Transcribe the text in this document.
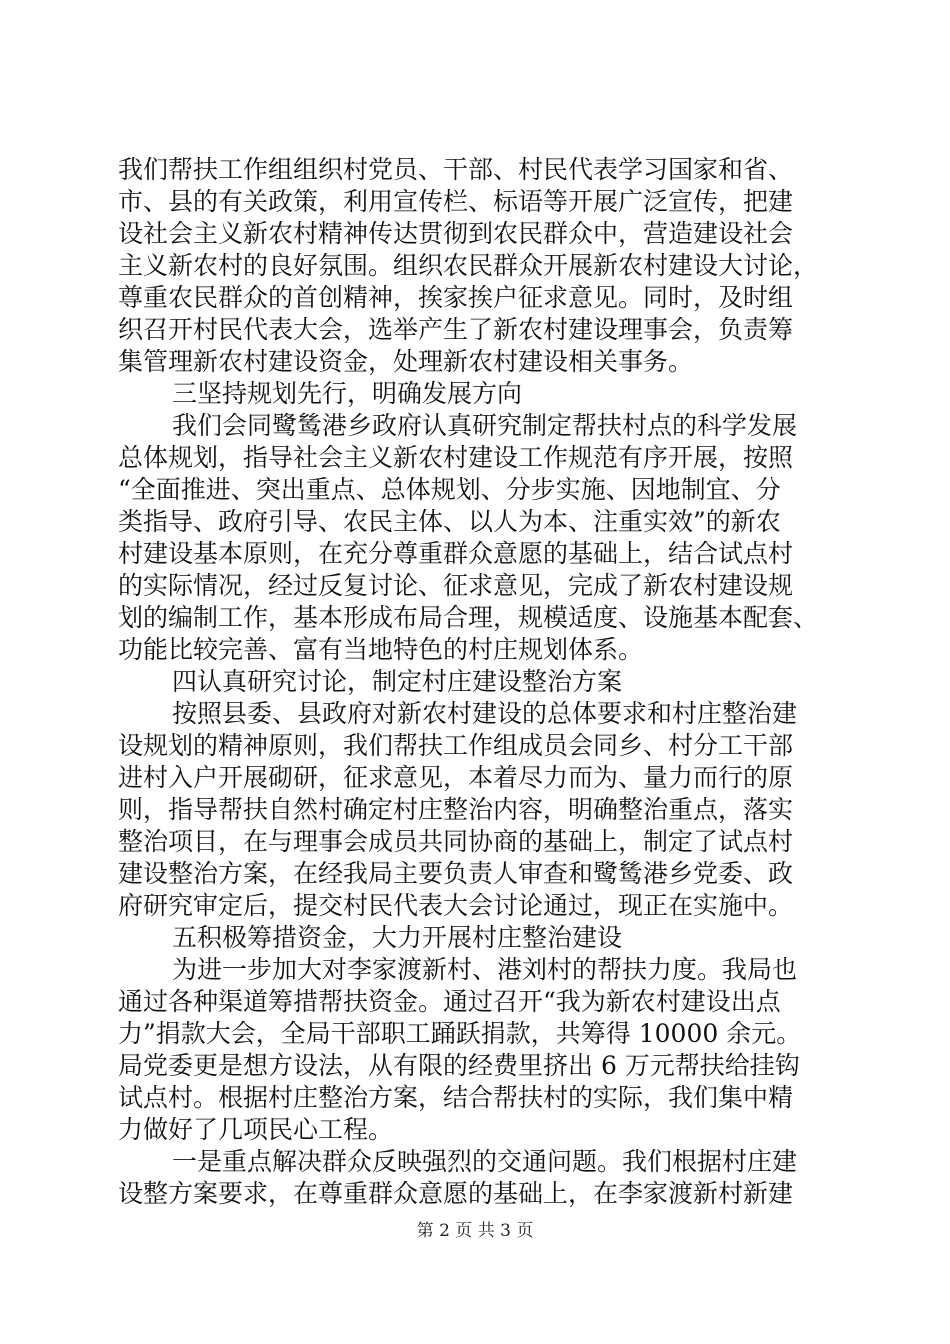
我们帮扶工作组组织村党员、干部、村民代表学习国家和省、
市、县的有关政策，利用宣传栏、标语等开展广泛宣传，把建
设社会主义新农村精神传达贯彻到农民群众中，营造建设社会
主义新农村的良好氛围。组织农民群众开展新农村建设大讨论，
尊重农民群众的首创精神，挨家挨户征求意见。同时，及时组
织召开村民代表大会，选举产生了新农村建设理事会，负责筹
集管理新农村建设资金，处理新农村建设相关事务。
三坚持规划先行，明确发展方向
我们会同鹭鸶港乡政府认真研究制定帮扶村点的科学发展
总体规划，指导社会主义新农村建设工作规范有序开展，按照
“全面推进、突出重点、总体规划、分步实施、因地制宜、分
类指导、政府引导、农民主体、以人为本、注重实效”的新农
村建设基本原则，在充分尊重群众意愿的基础上，结合试点村
的实际情况，经过反复讨论、征求意见，完成了新农村建设规
划的编制工作，基本形成布局合理，规模适度、设施基本配套、
功能比较完善、富有当地特色的村庄规划体系。
四认真研究讨论，制定村庄建设整治方案
按照县委、县政府对新农村建设的总体要求和村庄整治建
设规划的精神原则，我们帮扶工作组成员会同乡、村分工干部
进村入户开展砌研，征求意见，本着尽力而为、量力而行的原
则，指导帮扶自然村确定村庄整治内容，明确整治重点，落实
整治项目，在与理事会成员共同协商的基础上，制定了试点村
建设整治方案，在经我局主要负责人审查和鹭鸶港乡党委、政
府研究审定后，提交村民代表大会讨论通过，现正在实施中。
五积极筹措资金，大力开展村庄整治建设
为进一步加大对李家渡新村、港刘村的帮扶力度。我局也
通过各种渠道筹措帮扶资金。通过召开“我为新农村建设出点
力”捐款大会，全局干部职工踊跃捐款，共筹得 10000 余元。
局党委更是想方设法，从有限的经费里挤出 6 万元帮扶给挂钩
试点村。根据村庄整治方案，结合帮扶村的实际，我们集中精
力做好了几项民心工程。
一是重点解决群众反映强烈的交通问题。我们根据村庄建
设整方案要求，在尊重群众意愿的基础上，在李家渡新村新建
第 2 页 共 3 页
